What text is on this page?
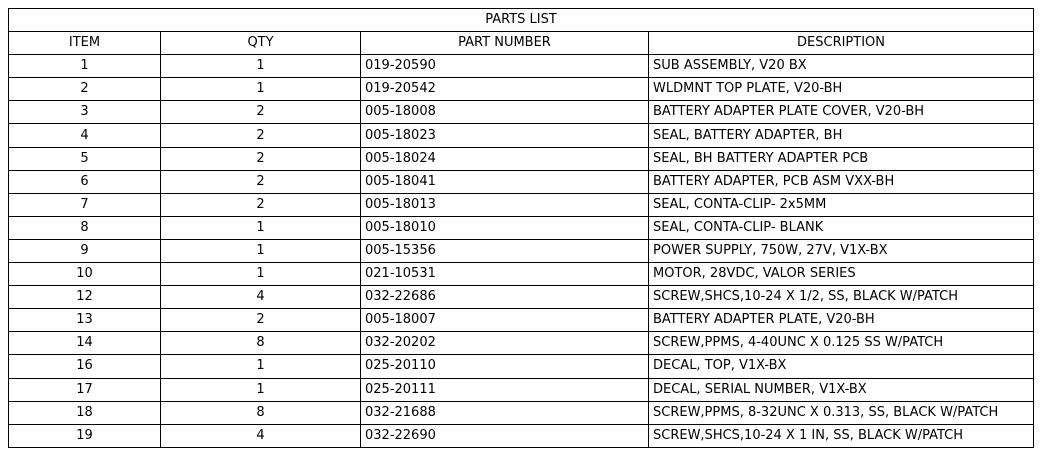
PARTS LIST			
ITEM	QTY	PART NUMBER	DESCRIPTION
1	1	019-20590	SUB ASSEMBLY, V20 BX
2	1	019-20542	WLDMNT TOP PLATE, V20-BH
3	2	005-18008	BATTERY ADAPTER PLATE COVER, V20-BH
4	2	005-18023	SEAL, BATTERY ADAPTER, BH
5	2	005-18024	SEAL, BH BATTERY ADAPTER PCB
6	2	005-18041	BATTERY ADAPTER, PCB ASM VXX-BH
7	2	005-18013	SEAL, CONTA-CLIP- 2x5MM
8	1	005-18010	SEAL, CONTA-CLIP- BLANK
9	1	005-15356	POWER SUPPLY, 750W, 27V, V1X-BX
10	1	021-10531	MOTOR, 28VDC, VALOR SERIES
12	4	032-22686	SCREW,SHCS,10-24 X 1/2, SS, BLACK W/PATCH
13	2	005-18007	BATTERY ADAPTER PLATE, V20-BH
14	8	032-20202	SCREW,PPMS, 4-40UNC X 0.125 SS W/PATCH
16	1	025-20110	DECAL, TOP, V1X-BX
17	1	025-20111	DECAL, SERIAL NUMBER, V1X-BX
18	8	032-21688	SCREW,PPMS, 8-32UNC X 0.313, SS, BLACK W/PATCH
19	4	032-22690	SCREW,SHCS,10-24 X 1 IN, SS, BLACK W/PATCH
